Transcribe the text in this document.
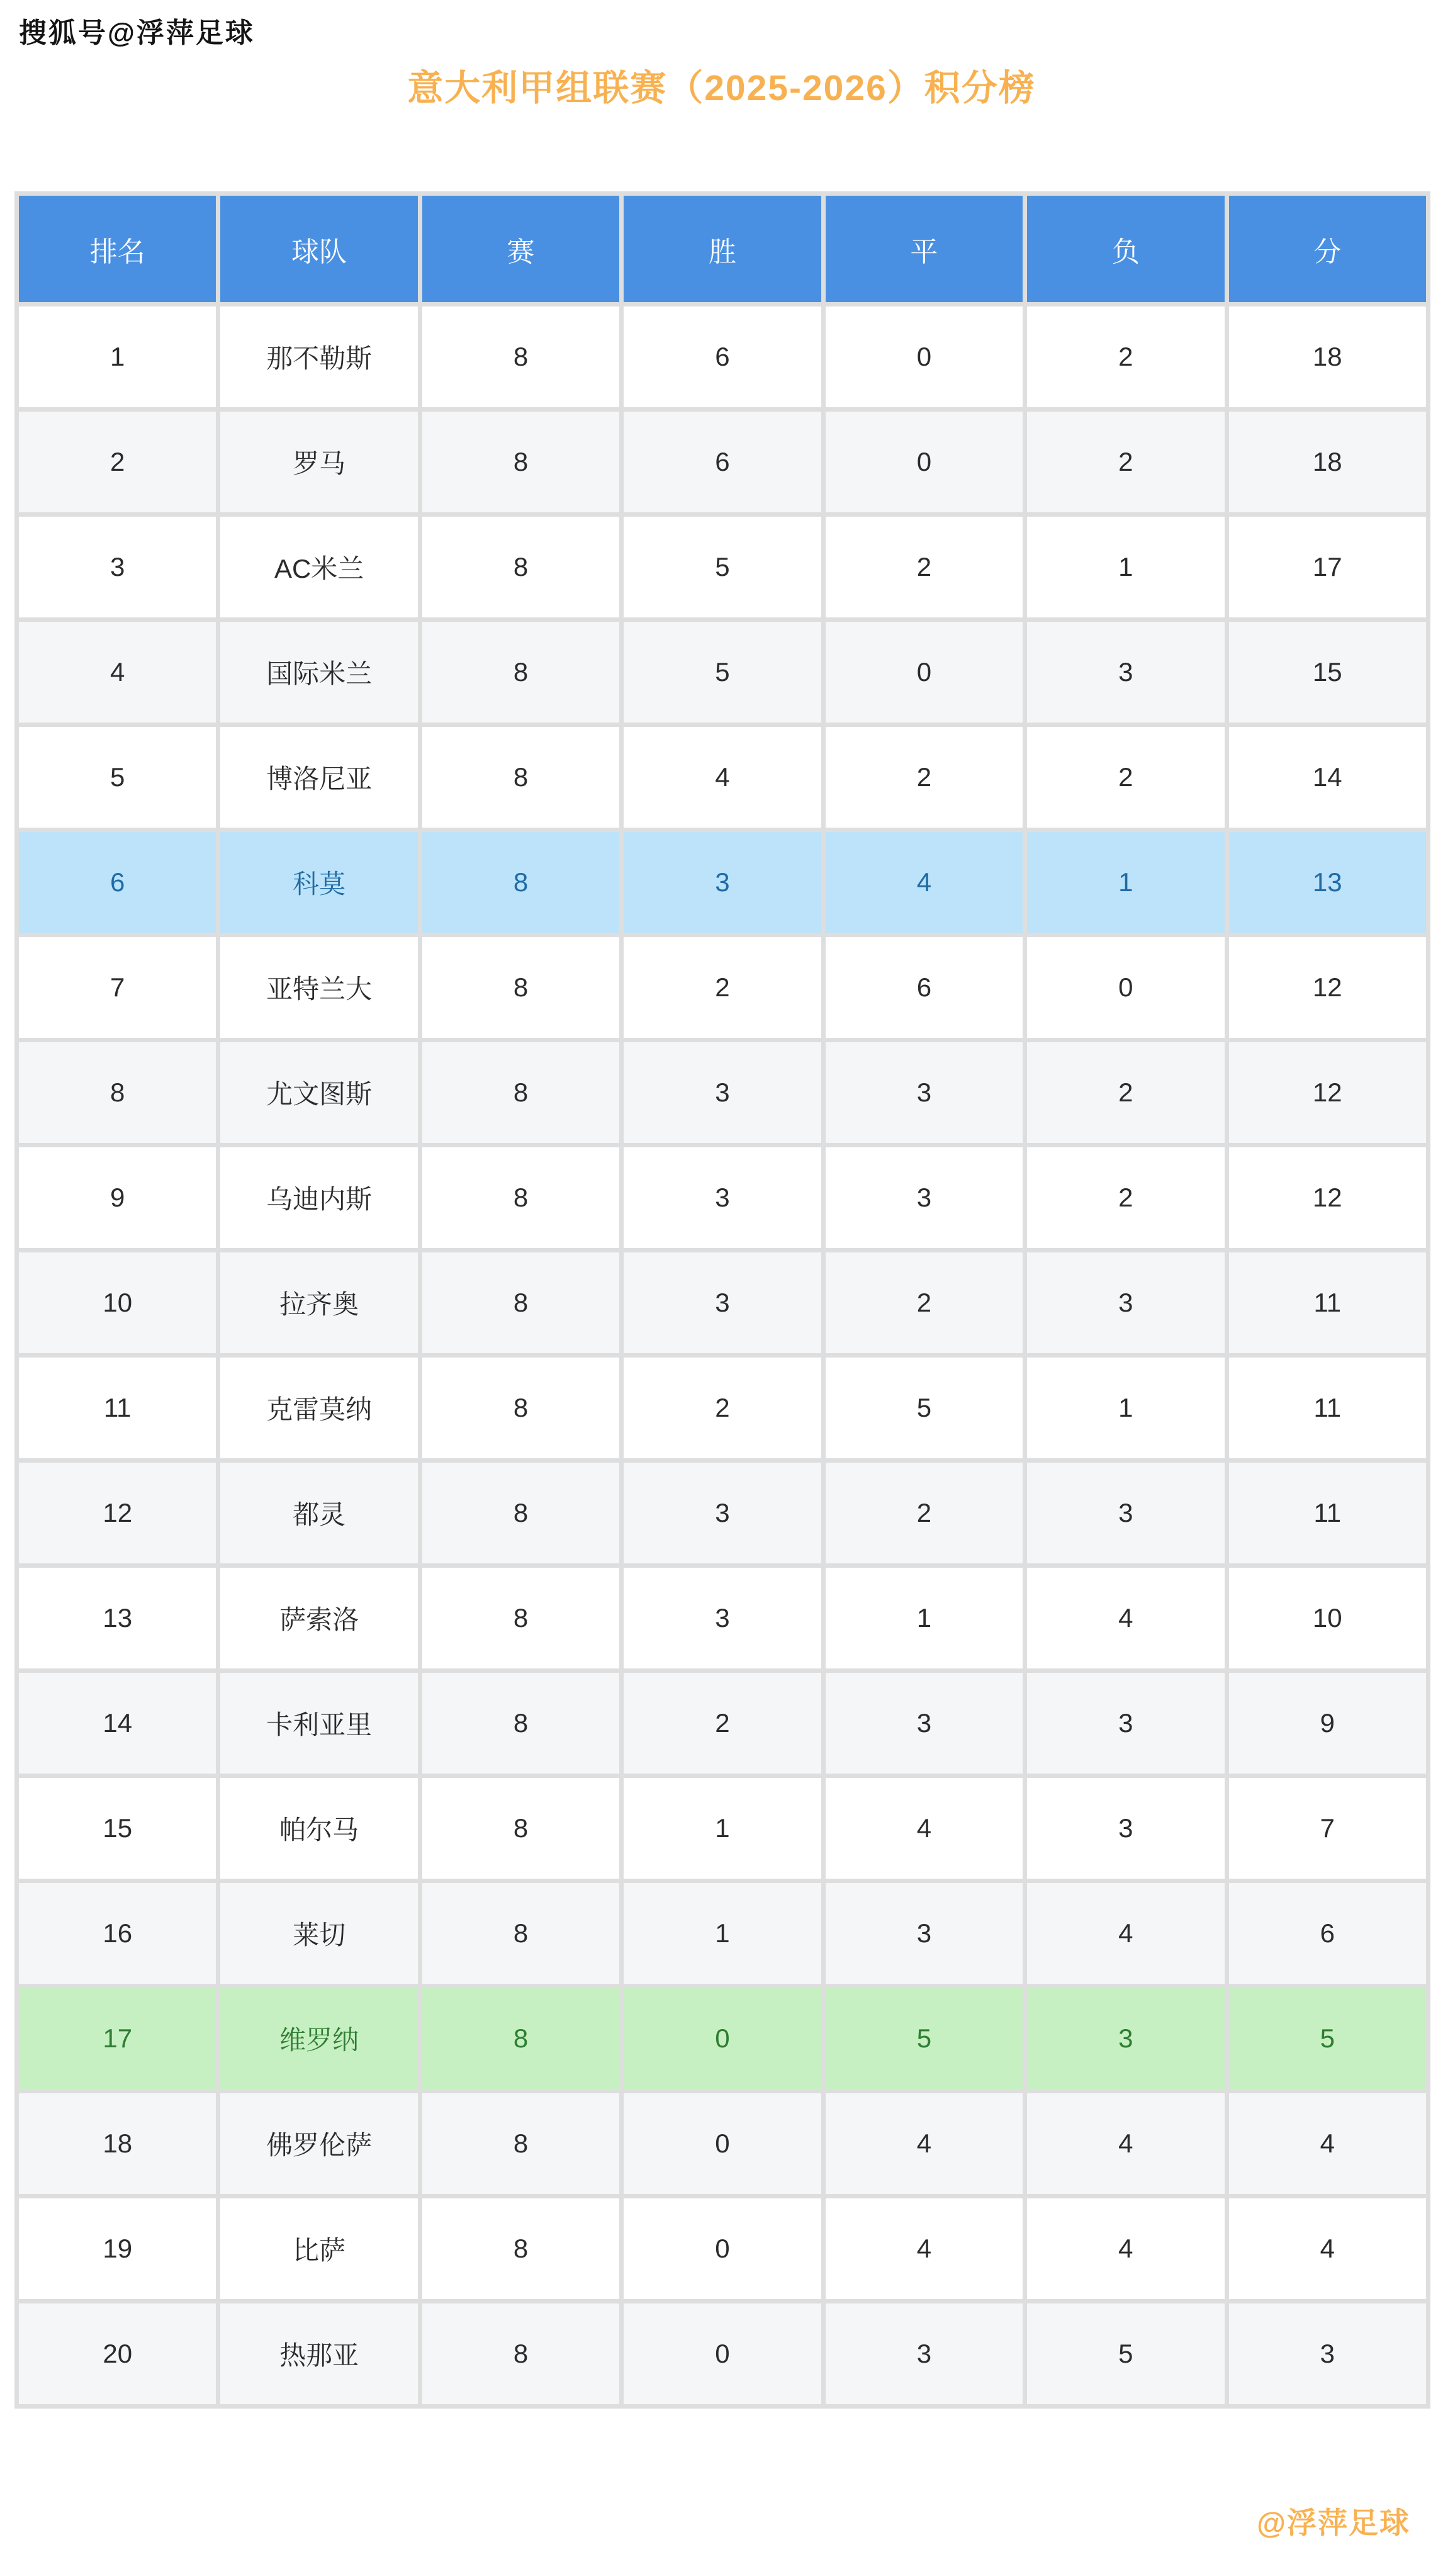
搜狐号@浮萍足球
意大利甲组联赛（2025-2026）积分榜
排名	球队	赛	胜	平	负	分
1	那不勒斯	8	6	0	2	18
2	罗马	8	6	0	2	18
3	AC米兰	8	5	2	1	17
4	国际米兰	8	5	0	3	15
5	博洛尼亚	8	4	2	2	14
6	科莫	8	3	4	1	13
7	亚特兰大	8	2	6	0	12
8	尤文图斯	8	3	3	2	12
9	乌迪内斯	8	3	3	2	12
10	拉齐奥	8	3	2	3	11
11	克雷莫纳	8	2	5	1	11
12	都灵	8	3	2	3	11
13	萨索洛	8	3	1	4	10
14	卡利亚里	8	2	3	3	9
15	帕尔马	8	1	4	3	7
16	莱切	8	1	3	4	6
17	维罗纳	8	0	5	3	5
18	佛罗伦萨	8	0	4	4	4
19	比萨	8	0	4	4	4
20	热那亚	8	0	3	5	3
@浮萍足球
